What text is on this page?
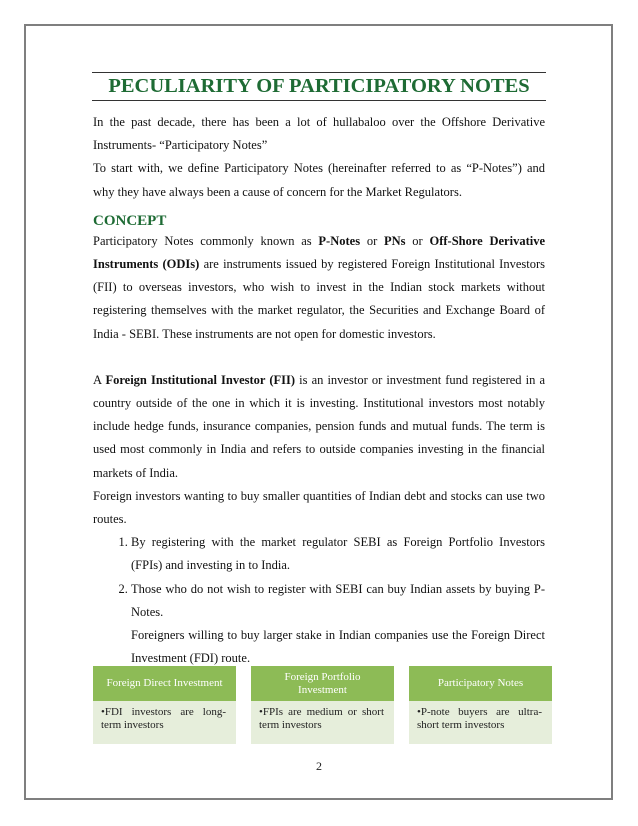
PECULIARITY OF PARTICIPATORY NOTES

In the past decade, there has been a lot of hullabaloo over the Offshore Derivative Instruments- “Participatory Notes”

To start with, we define Participatory Notes (hereinafter referred to as “P-Notes”) and why they have always been a cause of concern for the Market Regulators.

CONCEPT

Participatory Notes commonly known as P-Notes or PNs or Off-Shore Derivative Instruments (ODIs) are instruments issued by registered Foreign Institutional Investors (FII) to overseas investors, who wish to invest in the Indian stock markets without registering themselves with the market regulator, the Securities and Exchange Board of India - SEBI. These instruments are not open for domestic investors.

A Foreign Institutional Investor (FII) is an investor or investment fund registered in a country outside of the one in which it is investing. Institutional investors most notably include hedge funds, insurance companies, pension funds and mutual funds. The term is used most commonly in India and refers to outside companies investing in the financial markets of India.

Foreign investors wanting to buy smaller quantities of Indian debt and stocks can use two routes.

1. By registering with the market regulator SEBI as Foreign Portfolio Investors (FPIs) and investing in to India.
2. Those who do not wish to register with SEBI can buy Indian assets by buying P-Notes.

Foreigners willing to buy larger stake in Indian companies use the Foreign Direct Investment (FDI) route.

Foreign Direct Investment
•FDI investors are long-term investors
Foreign Portfolio Investment
•FPIs are medium or short term investors
Participatory Notes
•P-note buyers are ultra-short term investors
2
